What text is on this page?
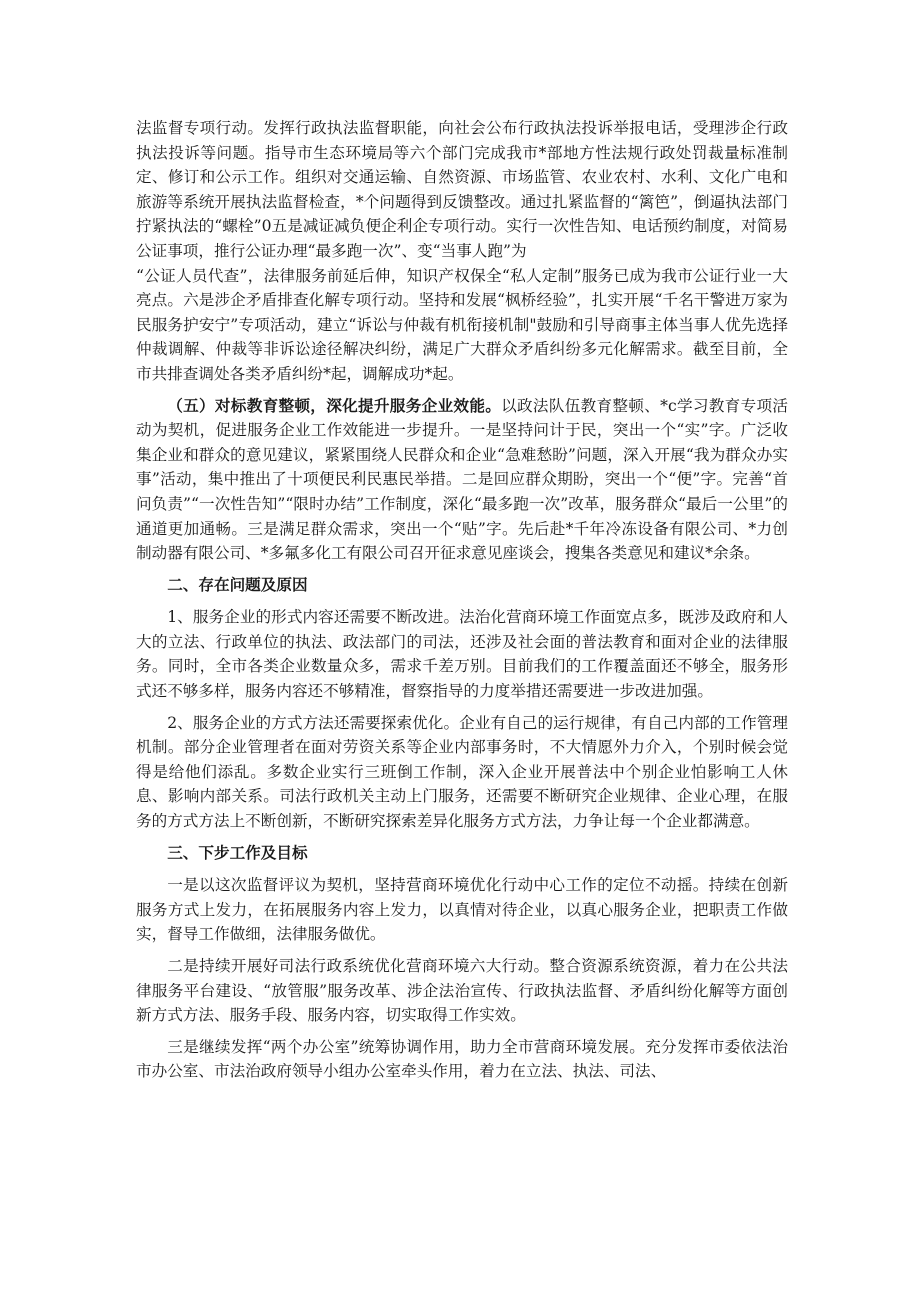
法监督专项行动。发挥行政执法监督职能，向社会公布行政执法投诉举报电话，受理涉企行政执法投诉等问题。指导市生态环境局等六个部门完成我市*部地方性法规行政处罚裁量标准制定、修订和公示工作。组织对交通运输、自然资源、市场监管、农业农村、水利、文化广电和旅游等系统开展执法监督检查，*个问题得到反馈整改。通过扎紧监督的“篱笆”，倒逼执法部门拧紧执法的“螺栓”0五是减证减负便企利企专项行动。实行一次性告知、电话预约制度，对简易公证事项，推行公证办理“最多跑一次”、变“当事人跑”为
“公证人员代查”，法律服务前延后伸，知识产权保全“私人定制”服务已成为我市公证行业一大亮点。六是涉企矛盾排查化解专项行动。坚持和发展“枫桥经验”，扎实开展“千名干警进万家为民服务护安宁”专项活动，建立“诉讼与仲裁有机衔接机制"鼓励和引导商事主体当事人优先选择仲裁调解、仲裁等非诉讼途径解决纠纷，满足广大群众矛盾纠纷多元化解需求。截至目前，全市共排查调处各类矛盾纠纷*起，调解成功*起。

（五）对标教育整顿，深化提升服务企业效能。以政法队伍教育整顿、*c学习教育专项活动为契机，促进服务企业工作效能进一步提升。一是坚持问计于民，突出一个“实”字。广泛收集企业和群众的意见建议，紧紧围绕人民群众和企业“急难愁盼”问题，深入开展“我为群众办实事”活动，集中推出了十项便民利民惠民举措。二是回应群众期盼，突出一个“便”字。完善“首问负责”“一次性告知”“限时办结”工作制度，深化“最多跑一次”改革，服务群众“最后一公里”的通道更加通畅。三是满足群众需求，突出一个“贴”字。先后赴*千年冷冻设备有限公司、*力创制动器有限公司、*多氟多化工有限公司召开征求意见座谈会，搜集各类意见和建议*余条。

二、存在问题及原因

1、服务企业的形式内容还需要不断改进。法治化营商环境工作面宽点多，既涉及政府和人大的立法、行政单位的执法、政法部门的司法，还涉及社会面的普法教育和面对企业的法律服务。同时，全市各类企业数量众多，需求千差万别。目前我们的工作覆盖面还不够全，服务形式还不够多样，服务内容还不够精准，督察指导的力度举措还需要进一步改进加强。

2、服务企业的方式方法还需要探索优化。企业有自己的运行规律，有自己内部的工作管理机制。部分企业管理者在面对劳资关系等企业内部事务时，不大情愿外力介入，个别时候会觉得是给他们添乱。多数企业实行三班倒工作制，深入企业开展普法中个别企业怕影响工人休息、影响内部关系。司法行政机关主动上门服务，还需要不断研究企业规律、企业心理，在服务的方式方法上不断创新，不断研究探索差异化服务方式方法，力争让每一个企业都满意。

三、下步工作及目标

一是以这次监督评议为契机，坚持营商环境优化行动中心工作的定位不动摇。持续在创新服务方式上发力，在拓展服务内容上发力，以真情对待企业，以真心服务企业，把职责工作做实，督导工作做细，法律服务做优。

二是持续开展好司法行政系统优化营商环境六大行动。整合资源系统资源，着力在公共法律服务平台建设、“放管服”服务改革、涉企法治宣传、行政执法监督、矛盾纠纷化解等方面创新方式方法、服务手段、服务内容，切实取得工作实效。

三是继续发挥“两个办公室”统筹协调作用，助力全市营商环境发展。充分发挥市委依法治市办公室、市法治政府领导小组办公室牵头作用，着力在立法、执法、司法、
